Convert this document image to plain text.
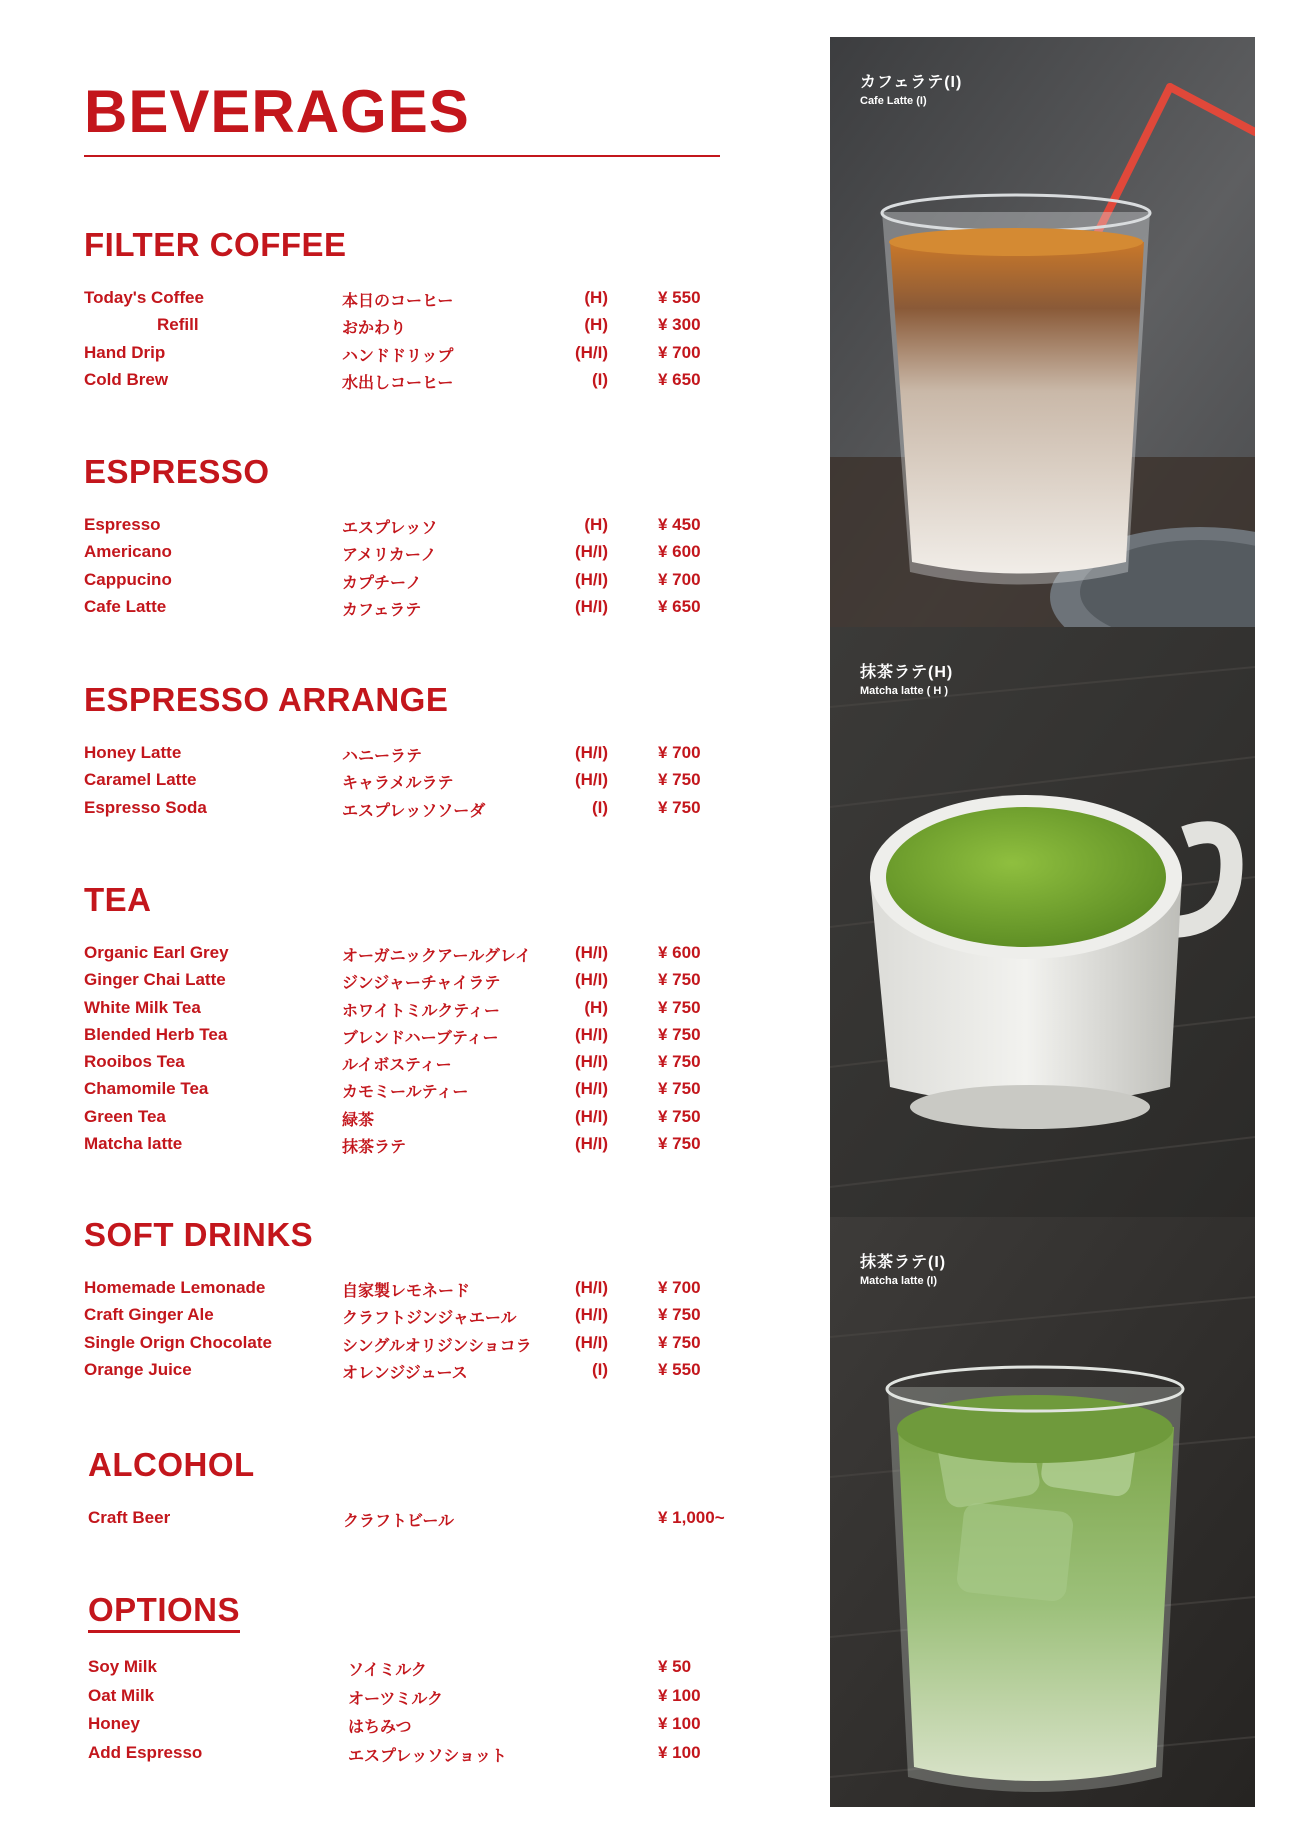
BEVERAGES
FILTER COFFEE
Today's Coffee	本日のコーヒー	(H)	¥ 550
Refill	おかわり	(H)	¥ 300
Hand Drip	ハンドドリップ	(H/I)	¥ 700
Cold Brew	水出しコーヒー	(I)	¥ 650
ESPRESSO
Espresso	エスプレッソ	(H)	¥ 450
Americano	アメリカーノ	(H/I)	¥ 600
Cappucino	カプチーノ	(H/I)	¥ 700
Cafe Latte	カフェラテ	(H/I)	¥ 650
ESPRESSO ARRANGE
Honey Latte	ハニーラテ	(H/I)	¥ 700
Caramel Latte	キャラメルラテ	(H/I)	¥ 750
Espresso Soda	エスプレッソソーダ	(I)	¥ 750
TEA
Organic Earl Grey	オーガニックアールグレイ	(H/I)	¥ 600
Ginger Chai Latte	ジンジャーチャイラテ	(H/I)	¥ 750
White Milk Tea	ホワイトミルクティー	(H)	¥ 750
Blended Herb Tea	ブレンドハーブティー	(H/I)	¥ 750
Rooibos Tea	ルイボスティー	(H/I)	¥ 750
Chamomile Tea	カモミールティー	(H/I)	¥ 750
Green Tea	緑茶	(H/I)	¥ 750
Matcha latte	抹茶ラテ	(H/I)	¥ 750
SOFT DRINKS
Homemade Lemonade	自家製レモネード	(H/I)	¥ 700
Craft Ginger Ale	クラフトジンジャエール	(H/I)	¥ 750
Single Orign Chocolate	シングルオリジンショコラ	(H/I)	¥ 750
Orange Juice	オレンジジュース	(I)	¥ 550
ALCOHOL
Craft Beer	クラフトビール	¥ 1,000~
OPTIONS
Soy Milk	ソイミルク	¥ 50
Oat Milk	オーツミルク	¥ 100
Honey	はちみつ	¥ 100
Add Espresso	エスプレッソショット	¥ 100
カフェラテ(I)
Cafe Latte (I)
抹茶ラテ(H)
Matcha latte ( H )
抹茶ラテ(I)
Matcha latte (I)
